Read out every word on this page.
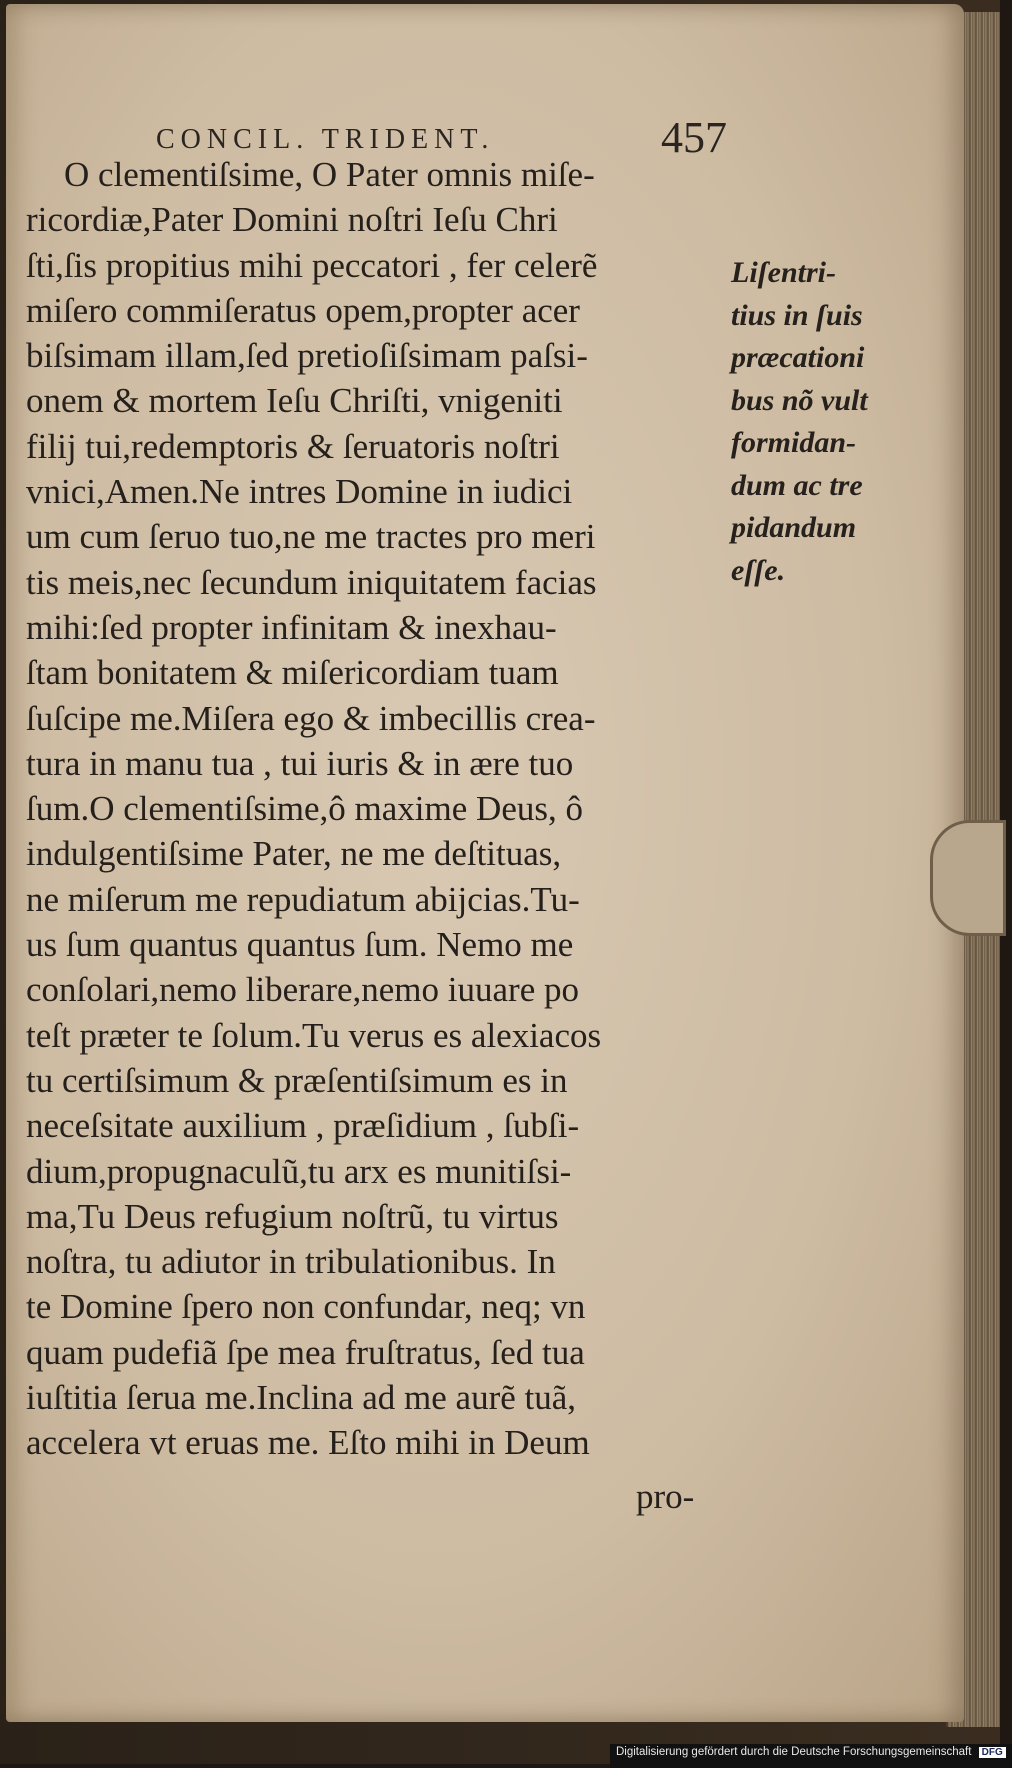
CONCIL. TRIDENT.	457
O clementiſsime, O Pater omnis miſe-
ricordiæ,Pater Domini noſtri Ieſu Chri
ſti,ſis propitius mihi peccatori , fer celerẽ
miſero commiſeratus opem,propter acer
biſsimam illam,ſed pretioſiſsimam paſsi-
onem & mortem Ieſu Chriſti, vnigeniti
filij tui,redemptoris & ſeruatoris noſtri
vnici,Amen.Ne intres Domine in iudici
um cum ſeruo tuo,ne me tractes pro meri
tis meis,nec ſecundum iniquitatem facias
mihi:ſed propter infinitam & inexhau-
ſtam bonitatem & miſericordiam tuam
ſuſcipe me.Miſera ego & imbecillis crea-
tura in manu tua , tui iuris & in ære tuo
ſum.O clementiſsime,ô maxime Deus, ô
indulgentiſsime Pater, ne me deſtituas,
ne miſerum me repudiatum abijcias.Tu-
us ſum quantus quantus ſum. Nemo me
conſolari,nemo liberare,nemo iuuare po
teſt præter te ſolum.Tu verus es alexiacos
tu certiſsimum & præſentiſsimum es in
neceſsitate auxilium , præſidium , ſubſi-
dium,propugnaculũ,tu arx es munitiſsi-
ma,Tu Deus refugium noſtrũ, tu virtus
noſtra, tu adiutor in tribulationibus. In
te Domine ſpero non confundar, neq; vn
quam pudefiã ſpe mea fruſtratus, ſed tua
iuſtitia ſerua me.Inclina ad me aurẽ tuã,
accelera vt eruas me. Eſto mihi in Deum
pro-
Liſentri-
tius in ſuis
præcationi
bus nõ vult
formidan-
dum ac tre
pidandum
eſſe.
Digitalisierung gefördert durch die Deutsche Forschungsgemeinschaft DFG
